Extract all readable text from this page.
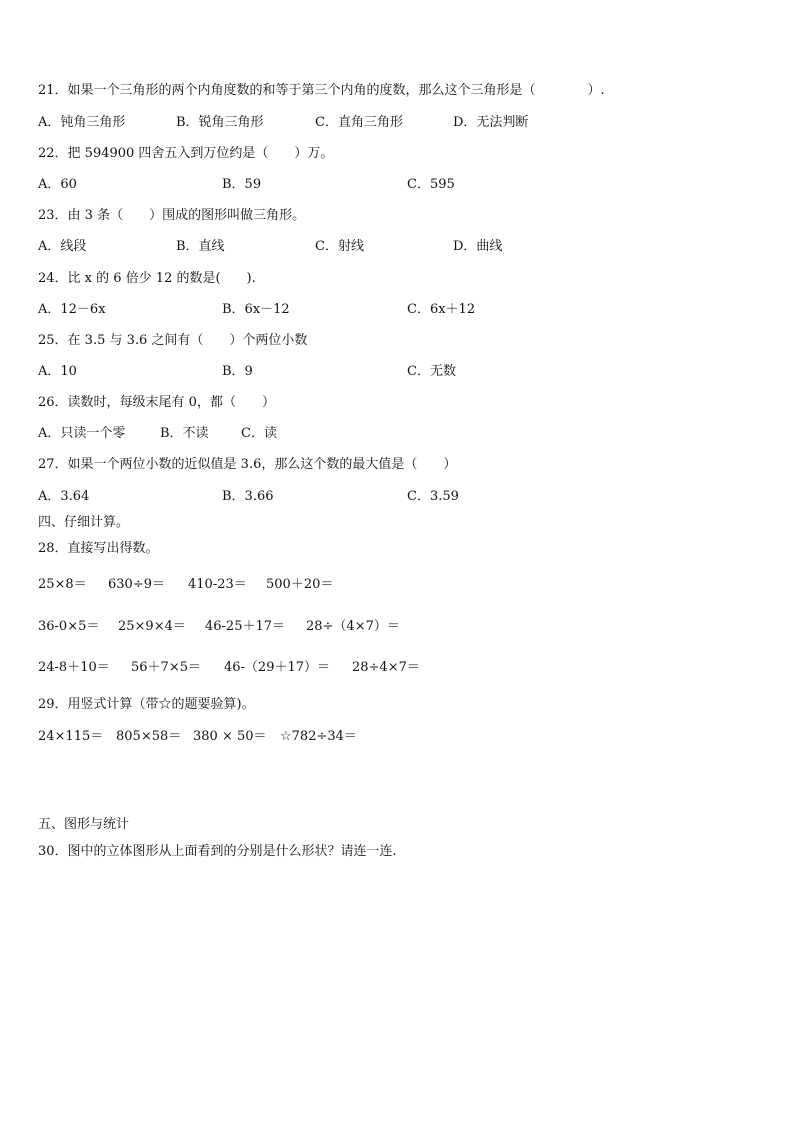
21．如果一个三角形的两个内角度数的和等于第三个内角的度数，那么这个三角形是（　　　　）.
A．钝角三角形	B．锐角三角形	C．直角三角形	D．无法判断
22．把 594900 四舍五入到万位约是（　　）万。
A．60	B．59	C．595
23．由 3 条（　　）围成的图形叫做三角形。
A．线段	B．直线	C．射线	D．曲线
24．比 x 的 6 倍少 12 的数是(　　).
A．12－6x	B．6x－12	C．6x＋12
25．在 3.5 与 3.6 之间有（　　）个两位小数
A．10	B．9	C．无数
26．读数时，每级末尾有 0，都（　　）
A．只读一个零	B．不读 C．读
27．如果一个两位小数的近似值是 3.6，那么这个数的最大值是（　　）
A．3.64	B．3.66	C．3.59
四、仔细计算。
28．直接写出得数。
25×8＝ 630÷9＝ 410-23＝ 500＋20＝
36-0×5＝ 25×9×4＝ 46-25＋17＝ 28÷（4×7）＝
24-8＋10＝ 56＋7×5＝ 46-（29＋17）＝ 28÷4×7＝
29．用竖式计算（带☆的题要验算)。
24×115＝ 805×58＝ 380 × 50＝ ☆782÷34＝
五、图形与统计
30．图中的立体图形从上面看到的分别是什么形状？请连一连.
